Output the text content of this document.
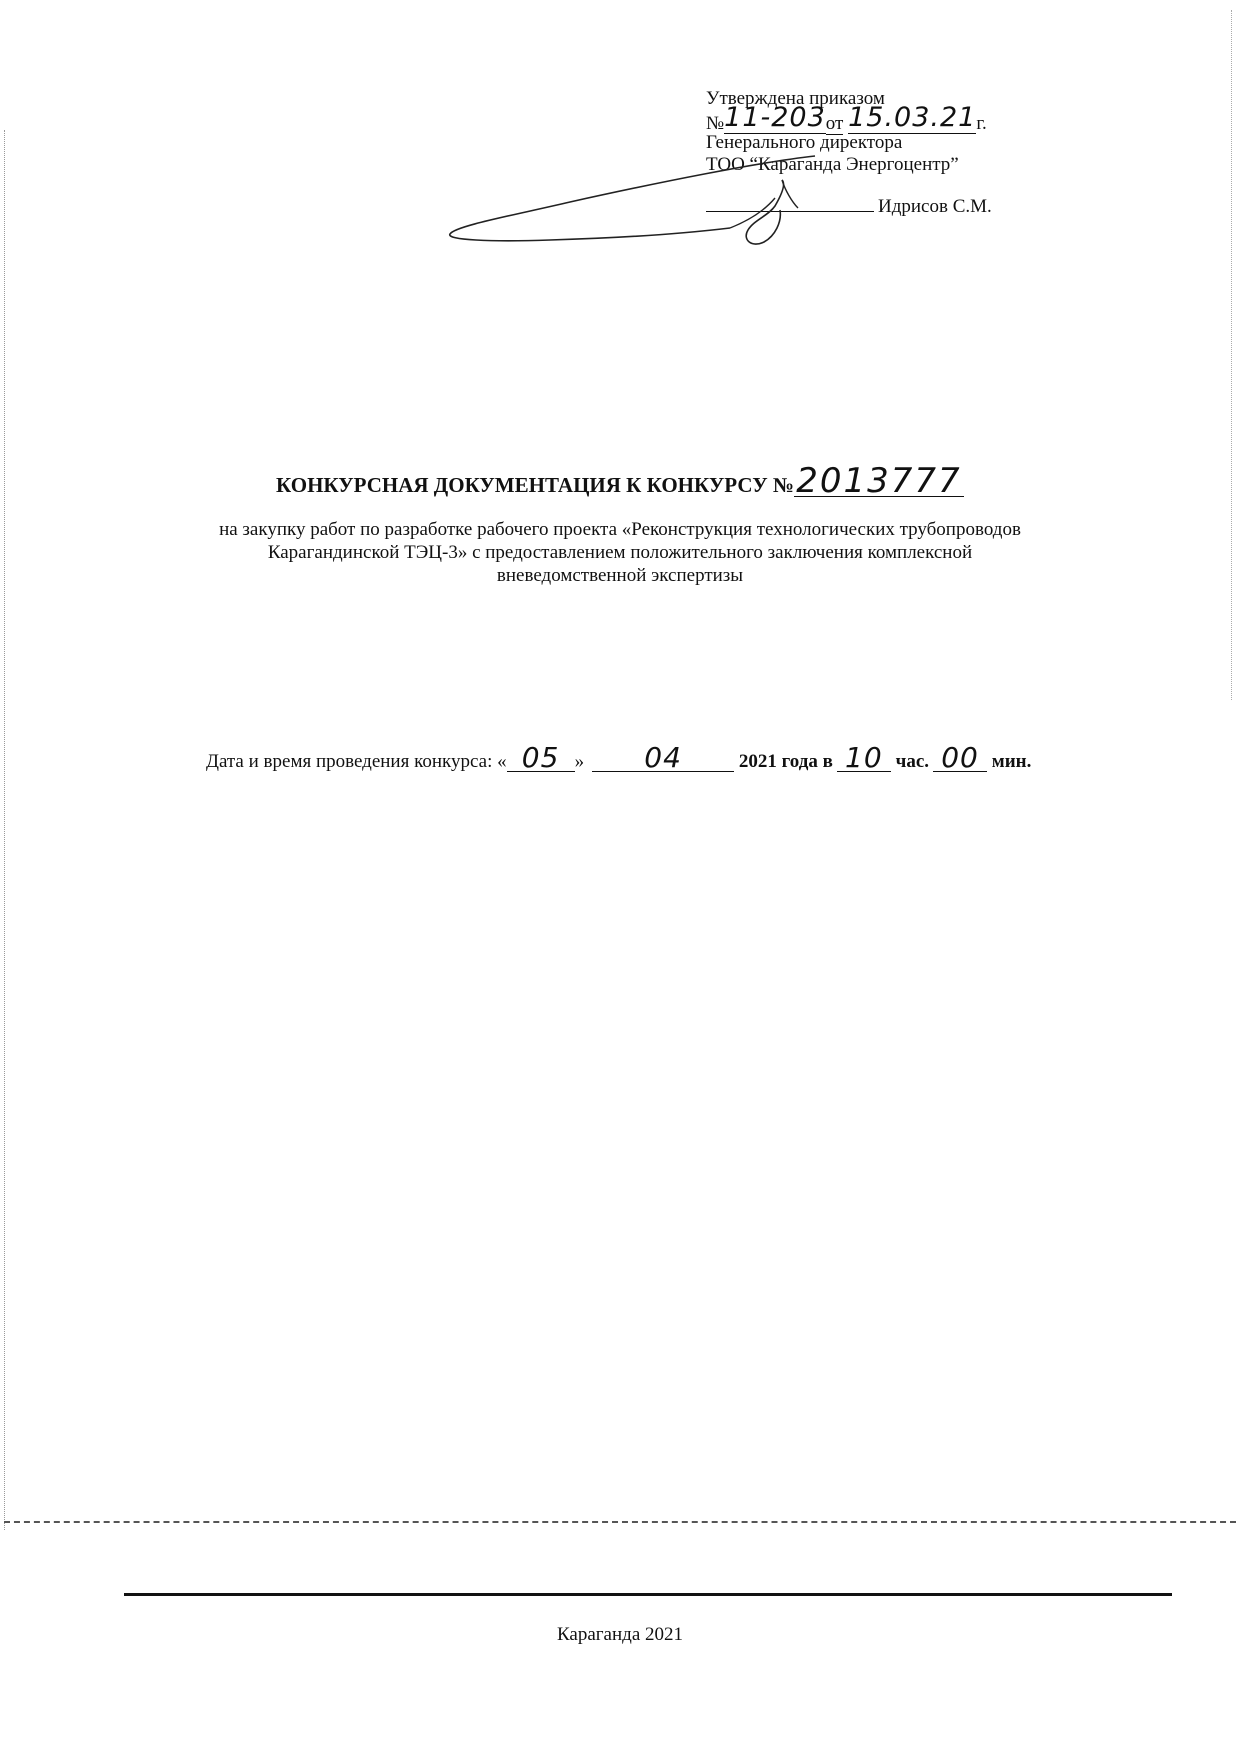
Утверждена приказом
№11-203от 15.03.21г.
Генерального директора
ТОО “Караганда Энергоцентр”
Идрисов С.М.
КОНКУРСНАЯ ДОКУМЕНТАЦИЯ К КОНКУРСУ №2013777
на закупку работ по разработке рабочего проекта «Реконструкция технологических трубопроводов
Карагандинской ТЭЦ-3» с предоставлением положительного заключения комплексной
вневедомственной экспертизы
Дата и время проведения конкурса: « 05 » 04	2021 года в 10 час. 00 мин.
Караганда 2021
